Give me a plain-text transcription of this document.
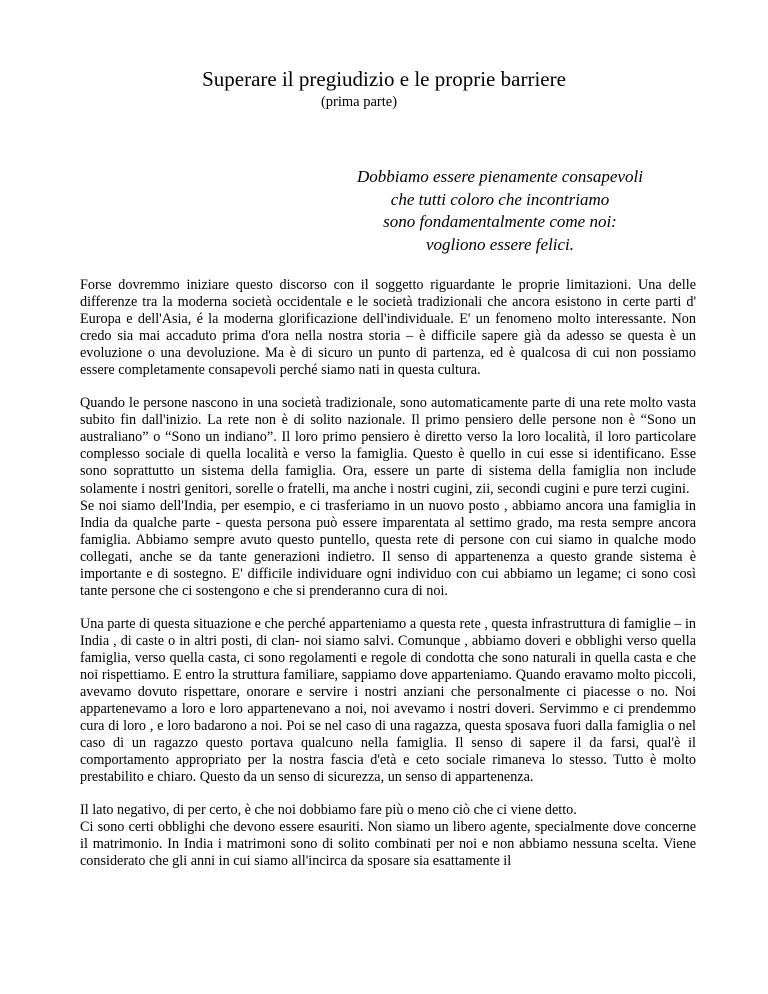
Superare il pregiudizio e le proprie barriere
(prima parte)
Dobbiamo essere pienamente consapevoli
che tutti coloro che incontriamo
sono fondamentalmente come noi:
vogliono essere felici.

Forse dovremmo iniziare questo discorso con il soggetto riguardante le proprie limitazioni. Una delle differenze tra la moderna società occidentale e le società tradizionali che ancora esistono in certe parti d' Europa e dell'Asia, é la moderna glorificazione dell'individuale. E' un fenomeno molto interessante. Non credo sia mai accaduto prima d'ora nella nostra storia – è difficile sapere già da adesso se questa è un evoluzione o una devoluzione. Ma è di sicuro un punto di partenza, ed è qualcosa di cui non possiamo essere completamente consapevoli perché siamo nati in questa cultura.

Quando le persone nascono in una società tradizionale, sono automaticamente parte di una rete molto vasta subito fin dall'inizio. La rete non è di solito nazionale. Il primo pensiero delle persone non è “Sono un australiano” o “Sono un indiano”. Il loro primo pensiero è diretto verso la loro località, il loro particolare complesso sociale di quella località e verso la famiglia. Questo è quello in cui esse si identificano. Esse sono soprattutto un sistema della famiglia. Ora, essere un parte di sistema della famiglia non include solamente i nostri genitori, sorelle o fratelli, ma anche i nostri cugini, zii, secondi cugini e pure terzi cugini.

Se noi siamo dell'India, per esempio, e ci trasferiamo in un nuovo posto , abbiamo ancora una famiglia in India da qualche parte - questa persona può essere imparentata al settimo grado, ma resta sempre ancora famiglia. Abbiamo sempre avuto questo puntello, questa rete di persone con cui siamo in qualche modo collegati, anche se da tante generazioni indietro. Il senso di appartenenza a questo grande sistema è importante e di sostegno. E' difficile individuare ogni individuo con cui abbiamo un legame; ci sono così tante persone che ci sostengono e che si prenderanno cura di noi.

Una parte di questa situazione e che perché apparteniamo a questa rete , questa infrastruttura di famiglie – in India , di caste o in altri posti, di clan- noi siamo salvi. Comunque , abbiamo doveri e obblighi verso quella famiglia, verso quella casta, ci sono regolamenti e regole di condotta che sono naturali in quella casta e che noi rispettiamo. E entro la struttura familiare, sappiamo dove apparteniamo. Quando eravamo molto piccoli, avevamo dovuto rispettare, onorare e servire i nostri anziani che personalmente ci piacesse o no. Noi appartenevamo a loro e loro appartenevano a noi, noi avevamo i nostri doveri. Servimmo e ci prendemmo cura di loro , e loro badarono a noi. Poi se nel caso di una ragazza, questa sposava fuori dalla famiglia o nel caso di un ragazzo questo portava qualcuno nella famiglia. Il senso di sapere il da farsi, qual'è il comportamento appropriato per la nostra fascia d'età e ceto sociale rimaneva lo stesso. Tutto è molto prestabilito e chiaro. Questo da un senso di sicurezza, un senso di appartenenza.

Il lato negativo, di per certo, è che noi dobbiamo fare più o meno ciò che ci viene detto.

Ci sono certi obblighi che devono essere esauriti. Non siamo un libero agente, specialmente dove concerne il matrimonio. In India i matrimoni sono di solito combinati per noi e non abbiamo nessuna scelta. Viene considerato che gli anni in cui siamo all'incirca da sposare sia esattamente il
